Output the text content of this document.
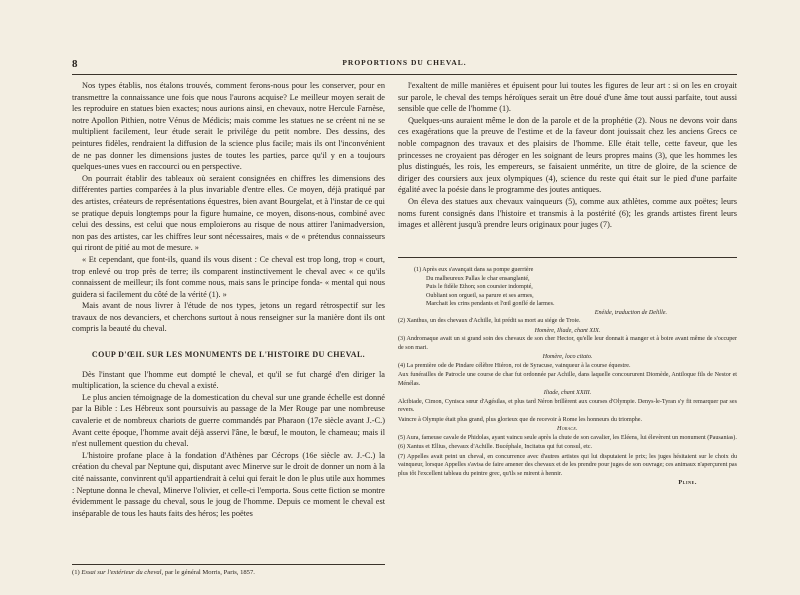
8	PROPORTIONS DU CHEVAL.

Nos types établis, nos étalons trouvés, comment ferons-nous pour les conserver, pour en transmettre la connaissance une fois que nous l'aurons acquise? Le meilleur moyen serait de les reproduire en statues bien exactes; nous aurions ainsi, en chevaux, notre Hercule Farnèse, notre Apollon Pithien, notre Vénus de Médicis; mais comme les statues ne se créent ni ne se multiplient facilement, leur étude serait le privilége du petit nombre. Des dessins, des peintures fidèles, rendraient la diffusion de la science plus facile; mais ils ont l'inconvénient de ne pas donner les dimensions justes de toutes les parties, parce qu'il y en a toujours quelques-unes vues en raccourci ou en perspective.

On pourrait établir des tableaux où seraient consignées en chiffres les dimensions des différentes parties comparées à la plus invariable d'entre elles. Ce moyen, déjà pratiqué par des artistes, créateurs de représentations équestres, bien avant Bourgelat, et à l'instar de ce qui se pratique depuis longtemps pour la figure humaine, ce moyen, disons-nous, combiné avec celui des dessins, est celui que nous emploierons au risque de nous attirer l'animadversion, non pas des artistes, car les chiffres leur sont nécessaires, mais « de « prétendus connaisseurs qui riront de pitié au mot de mesure. »

« Et cependant, que font-ils, quand ils vous disent : Ce cheval est trop long, trop « court, trop enlevé ou trop près de terre; ils comparent instinctivement le cheval avec « ce qu'ils connaissent de meilleur; ils font comme nous, mais sans le principe fonda- « mental qui nous guidera si facilement du côté de la vérité (1). »

Mais avant de nous livrer à l'étude de nos types, jetons un regard rétrospectif sur les travaux de nos devanciers, et cherchons surtout à nous renseigner sur la manière dont ils ont compris la beauté du cheval.

COUP D'ŒIL SUR LES MONUMENTS DE L'HISTOIRE DU CHEVAL.

Dès l'instant que l'homme eut dompté le cheval, et qu'il se fut chargé d'en diriger la multiplication, la science du cheval a existé.

Le plus ancien témoignage de la domestication du cheval sur une grande échelle est donné par la Bible : Les Hébreux sont poursuivis au passage de la Mer Rouge par une nombreuse cavalerie et de nombreux chariots de guerre commandés par Pharaon (17e siècle avant J.-C.) Avant cette époque, l'homme avait déjà asservi l'âne, le bœuf, le mouton, le chameau; mais il n'est nullement question du cheval.

L'histoire profane place à la fondation d'Athènes par Cécrops (16e siècle av. J.-C.) la création du cheval par Neptune qui, disputant avec Minerve sur le droit de donner un nom à la cité naissante, convinrent qu'il appartiendrait à celui qui ferait le don le plus utile aux hommes : Neptune donna le cheval, Minerve l'olivier, et celle-ci l'emporta. Sous cette fiction se montre évidemment le passage du cheval, sous le joug de l'homme. Depuis ce moment le cheval est inséparable de tous les hauts faits des héros; les poëtes

(1) Essai sur l'extérieur du cheval, par le général Morris, Paris, 1857.

l'exaltent de mille manières et épuisent pour lui toutes les figures de leur art : si on les en croyait sur parole, le cheval des temps héroïques serait un être doué d'une âme tout aussi parfaite, tout aussi sensible que celle de l'homme (1).

Quelques-uns auraient même le don de la parole et de la prophétie (2). Nous ne devons voir dans ces exagérations que la preuve de l'estime et de la faveur dont jouissait chez les anciens Grecs ce noble compagnon des travaux et des plaisirs de l'homme. Elle était telle, cette faveur, que les princesses ne croyaient pas déroger en les soignant de leurs propres mains (3), que les hommes les plus distingués, les rois, les empereurs, se faisaient unmérite, un titre de gloire, de la science de diriger des coursiers aux jeux olympiques (4), science du reste qui était sur le pied d'une parfaite égalité avec la poésie dans le programme des joutes antiques.

On éleva des statues aux chevaux vainqueurs (5), comme aux athlètes, comme aux poëtes; leurs noms furent consignés dans l'histoire et transmis à la postérité (6); les grands artistes firent leurs images et allèrent jusqu'à prendre leurs originaux pour juges (7).

(1) Après eux s'avançait dans sa pompe guerrière
Du malheureux Pallas le char ensanglanté,
Puis le fidèle Ethon; son coursier indompté,
Oubliant son orgueil, sa parure et ses armes,
Marchait les crins pendants et l'œil gonflé de larmes.
Enéide, traduction de Delille.
(2) Xanthus, un des chevaux d'Achille, lui prédit sa mort au siége de Troie.
Homère, Iliade, chant XIX.
(3) Andromaque avait un si grand soin des chevaux de son cher Hector, qu'elle leur donnait à manger et à boire avant même de s'occuper de son mari.
Homère, loco citato.
(4) La première ode de Pindare célèbre Hiéron, roi de Syracuse, vainqueur à la course équestre.
Aux funérailles de Patrocle une course de char fut ordonnée par Achille, dans laquelle concoururent Diomède, Antiloque fils de Nestor et Ménélas.
Iliade, chant XXIII.
Alcibiade, Cimon, Cynisca sœur d'Agésilas, et plus tard Néron brillèrent aux courses d'Olympie. Denys-le-Tyran s'y fit remarquer par ses revers.
Vaincre à Olympie était plus grand, plus glorieux que de recevoir à Rome les honneurs du triomphe.
Horace.
(5) Aura, fameuse cavale de Phidolas, ayant vaincu seule après la chute de son cavalier, les Eléens, lui élevèrent un monument (Pausanias).
(6) Xantus et Ellius, chevaux d'Achille. Bucéphale, Incitatus qui fut consul, etc.
(7) Appelles avait peint un cheval, en concurrence avec d'autres artistes qui lui disputaient le prix; les juges hésitaient sur le choix du vainqueur, lorsque Appelles s'avisa de faire amener des chevaux et de les prendre pour juges de son ouvrage; ces animaux n'aperçurent pas plus tôt l'excellent tableau du peintre grec, qu'ils se mirent à hennir.
Pline.
